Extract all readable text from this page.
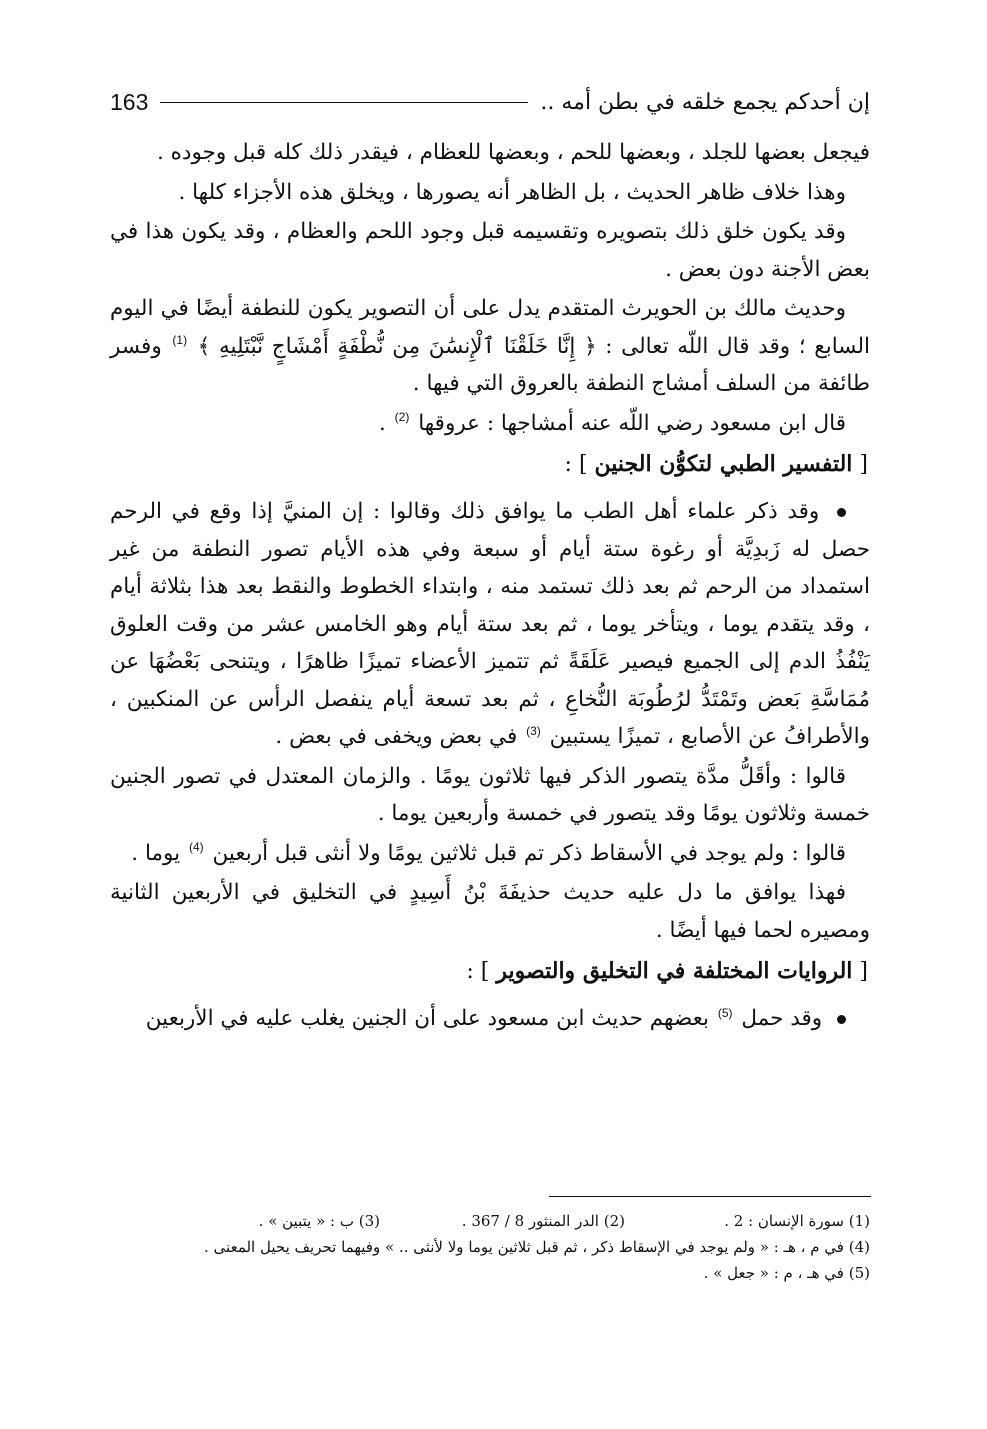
إن أحدكم يجمع خلقه في بطن أمه ..
163

فيجعل بعضها للجلد ، وبعضها للحم ، وبعضها للعظام ، فيقدر ذلك كله قبل وجوده .

وهذا خلاف ظاهر الحديث ، بل الظاهر أنه يصورها ، ويخلق هذه الأجزاء كلها .

وقد يكون خلق ذلك بتصويره وتقسيمه قبل وجود اللحم والعظام ، وقد يكون هذا في بعض الأجنة دون بعض .

وحديث مالك بن الحويرث المتقدم يدل على أن التصوير يكون للنطفة أيضًا في اليوم السابع ؛ وقد قال اللّه تعالى : ﴿ إِنَّا خَلَقْنَا ٱلْإِنسَٰنَ مِن نُّطْفَةٍ أَمْشَاجٍ نَّبْتَلِيهِ ﴾ $^{(1)}$ وفسر طائفة من السلف أمشاج النطفة بالعروق التي فيها .

قال ابن مسعود رضي اللّه عنه أمشاجها : عروقها $^{(2)}$ .

[ التفسير الطبي لتكوُّن الجنين ] :

وقد ذكر علماء أهل الطب ما يوافق ذلك وقالوا : إن المنيَّ إذا وقع في الرحم حصل له زَبدِيَّة أو رغوة ستة أيام أو سبعة وفي هذه الأيام تصور النطفة من غير استمداد من الرحم ثم بعد ذلك تستمد منه ، وابتداء الخطوط والنقط بعد هذا بثلاثة أيام ، وقد يتقدم يوما ، ويتأخر يوما ، ثم بعد ستة أيام وهو الخامس عشر من وقت العلوق يَنْفُذُ الدم إلى الجميع فيصير عَلَقَةً ثم تتميز الأعضاء تميزًا ظاهرًا ، ويتنحى بَعْضُهَا عن مُمَاسَّةِ بَعض وتَمْتَدُّ لرُطُوبَة النُّخاعِ ، ثم بعد تسعة أيام ينفصل الرأس عن المنكبين ، والأطرافُ عن الأصابع ، تميزًا يستبين $^{(3)}$ في بعض ويخفى في بعض .

قالوا : وأقَلُّ مدَّة يتصور الذكر فيها ثلاثون يومًا . والزمان المعتدل في تصور الجنين خمسة وثلاثون يومًا وقد يتصور في خمسة وأربعين يوما .

قالوا : ولم يوجد في الأسقاط ذكر تم قبل ثلاثين يومًا ولا أنثى قبل أربعين $^{(4)}$ يوما .

فهذا يوافق ما دل عليه حديث حذيفَةَ بْنُ أَسِيدٍ في التخليق في الأربعين الثانية ومصيره لحما فيها أيضًا .

[ الروايات المختلفة في التخليق والتصوير ] :

وقد حمل $^{(5)}$ بعضهم حديث ابن مسعود على أن الجنين يغلب عليه في الأربعين

(1) سورة الإنسان : 2 .
(2) الدر المنثور 8 / 367 .
(3) ب : « يتبين » .
(4) في م ، هـ : « ولم يوجد في الإسقاط ذكر ، ثم قبل ثلاثين يوما ولا لأنثى .. » وفيهما تحريف يحيل المعنى .
(5) في هـ ، م : « جعل » .
